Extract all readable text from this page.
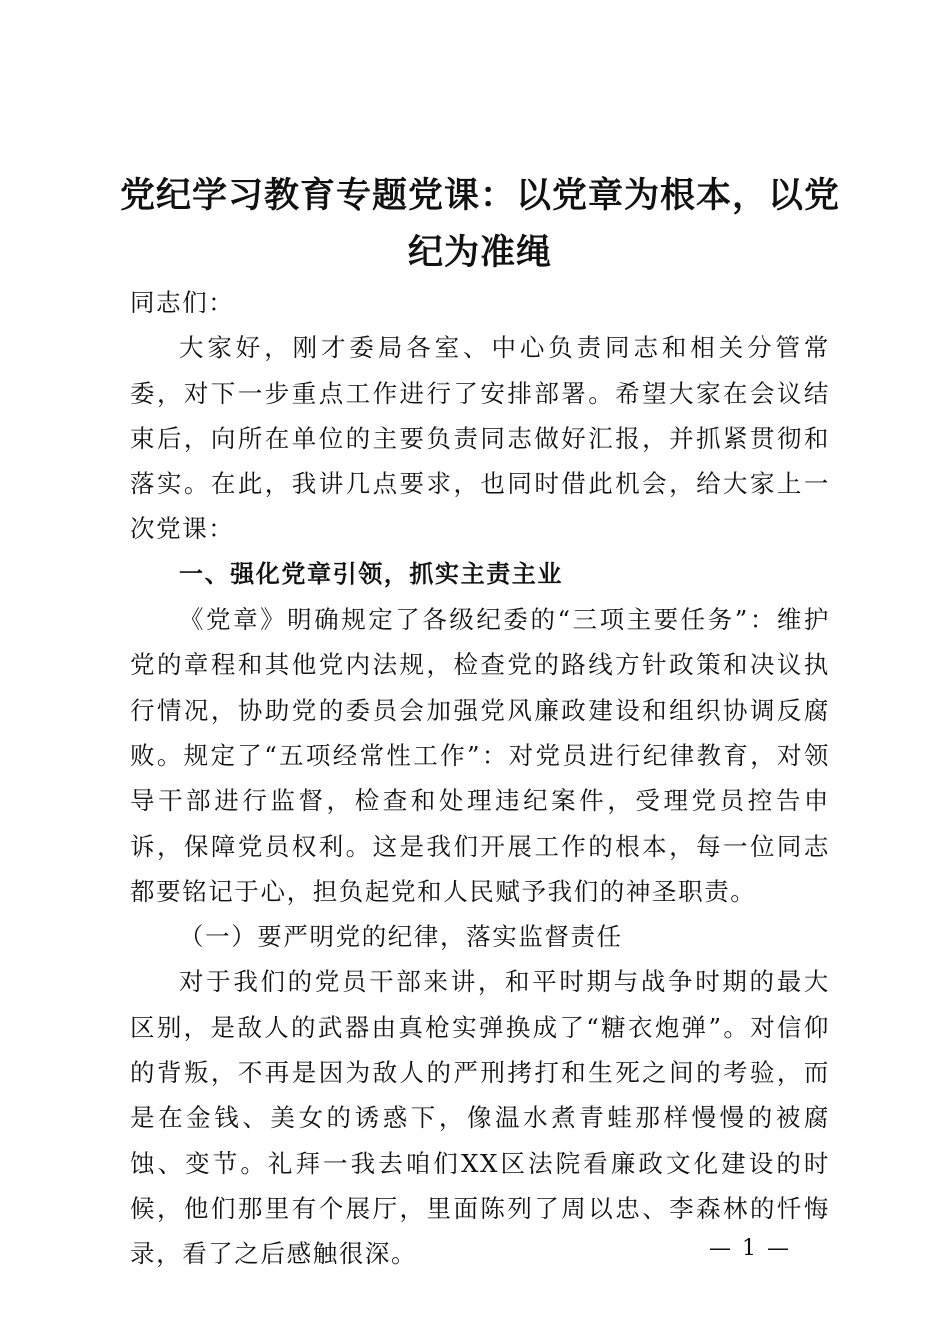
党纪学习教育专题党课：以党章为根本，以党纪为准绳

同志们：

大家好，刚才委局各室、中心负责同志和相关分管常委，对下一步重点工作进行了安排部署。希望大家在会议结束后，向所在单位的主要负责同志做好汇报，并抓紧贯彻和落实。在此，我讲几点要求，也同时借此机会，给大家上一次党课：

一、强化党章引领，抓实主责主业

《党章》明确规定了各级纪委的“三项主要任务”：维护党的章程和其他党内法规，检查党的路线方针政策和决议执行情况，协助党的委员会加强党风廉政建设和组织协调反腐败。规定了“五项经常性工作”：对党员进行纪律教育，对领导干部进行监督，检查和处理违纪案件，受理党员控告申诉，保障党员权利。这是我们开展工作的根本，每一位同志都要铭记于心，担负起党和人民赋予我们的神圣职责。

（一）要严明党的纪律，落实监督责任

对于我们的党员干部来讲，和平时期与战争时期的最大区别，是敌人的武器由真枪实弹换成了“糖衣炮弹”。对信仰的背叛，不再是因为敌人的严刑拷打和生死之间的考验，而是在金钱、美女的诱惑下，像温水煮青蛙那样慢慢的被腐蚀、变节。礼拜一我去咱们XX区法院看廉政文化建设的时候，他们那里有个展厅，里面陈列了周以忠、李森林的忏悔录，看了之后感触很深。	— 1 —
